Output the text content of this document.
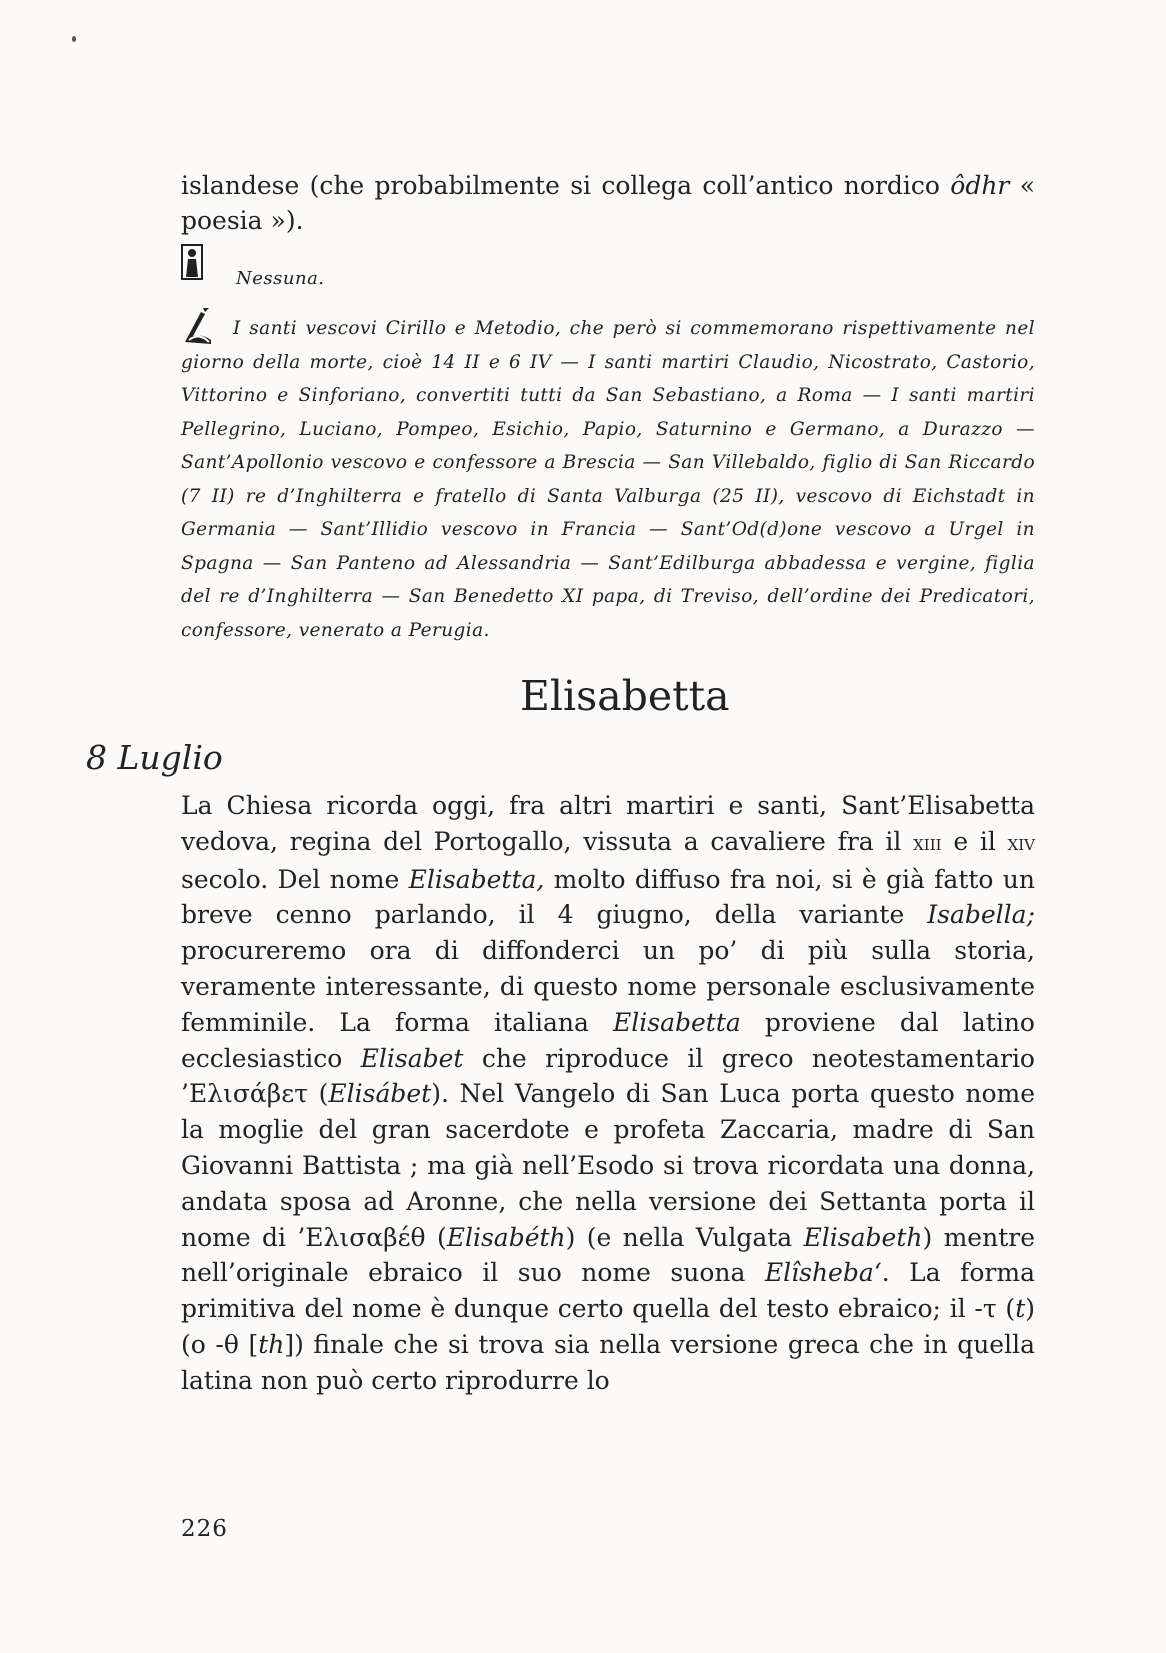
islandese (che probabilmente si collega coll’antico nordico ôdhr « poesia »).

Nessuna.

I santi vescovi Cirillo e Metodio, che però si commemorano rispettivamente nel giorno della morte, cioè 14 II e 6 IV — I santi martiri Claudio, Nicostrato, Castorio, Vittorino e Sinforiano, convertiti tutti da San Sebastiano, a Roma — I santi martiri Pellegrino, Luciano, Pompeo, Esichio, Papio, Saturnino e Germano, a Durazzo — Sant’Apollonio vescovo e confessore a Brescia — San Villebaldo, figlio di San Riccardo (7 II) re d’Inghilterra e fratello di Santa Valburga (25 II), vescovo di Eichstadt in Germania — Sant’Illidio vescovo in Francia — Sant’Od(d)one vescovo a Urgel in Spagna — San Panteno ad Alessandria — Sant’Edilburga abbadessa e vergine, figlia del re d’Inghilterra — San Benedetto XI papa, di Treviso, dell’ordine dei Predicatori, confessore, venerato a Perugia.

Elisabetta
8 Luglio

La Chiesa ricorda oggi, fra altri martiri e santi, Sant’Elisabetta vedova, regina del Portogallo, vissuta a cavaliere fra il xiii e il xiv secolo. Del nome Elisabetta, molto diffuso fra noi, si è già fatto un breve cenno parlando, il 4 giugno, della variante Isabella; procureremo ora di diffonderci un po’ di più sulla storia, veramente interessante, di questo nome personale esclusivamente femminile. La forma italiana Elisabetta proviene dal latino ecclesiastico Elisabet che riproduce il greco neotestamentario ’Ελισάβετ (Elisábet). Nel Vangelo di San Luca porta questo nome la moglie del gran sacerdote e profeta Zaccaria, madre di San Giovanni Battista ; ma già nell’Esodo si trova ricordata una donna, andata sposa ad Aronne, che nella versione dei Settanta porta il nome di ’Ελισαβέθ (Elisabéth) (e nella Vulgata Elisabeth) mentre nell’originale ebraico il suo nome suona Elîsheba‘. La forma primitiva del nome è dunque certo quella del testo ebraico; il -τ (t) (o -θ [th]) finale che si trova sia nella versione greca che in quella latina non può certo riprodurre lo

226
